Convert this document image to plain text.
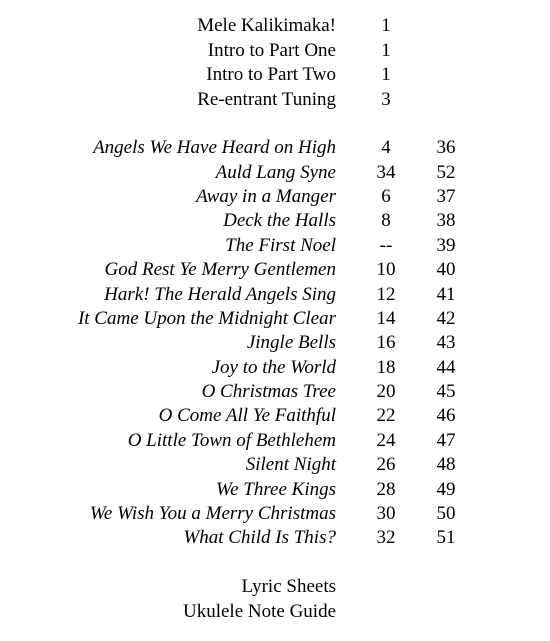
Mele Kalikimaka!	1
Intro to Part One	1
Intro to Part Two	1
Re-entrant Tuning	3
Angels We Have Heard on High	4	36
Auld Lang Syne	34	52
Away in a Manger	6	37
Deck the Halls	8	38
The First Noel	--	39
God Rest Ye Merry Gentlemen	10	40
Hark! The Herald Angels Sing	12	41
It Came Upon the Midnight Clear	14	42
Jingle Bells	16	43
Joy to the World	18	44
O Christmas Tree	20	45
O Come All Ye Faithful	22	46
O Little Town of Bethlehem	24	47
Silent Night	26	48
We Three Kings	28	49
We Wish You a Merry Christmas	30	50
What Child Is This?	32	51
Lyric Sheets
Ukulele Note Guide
